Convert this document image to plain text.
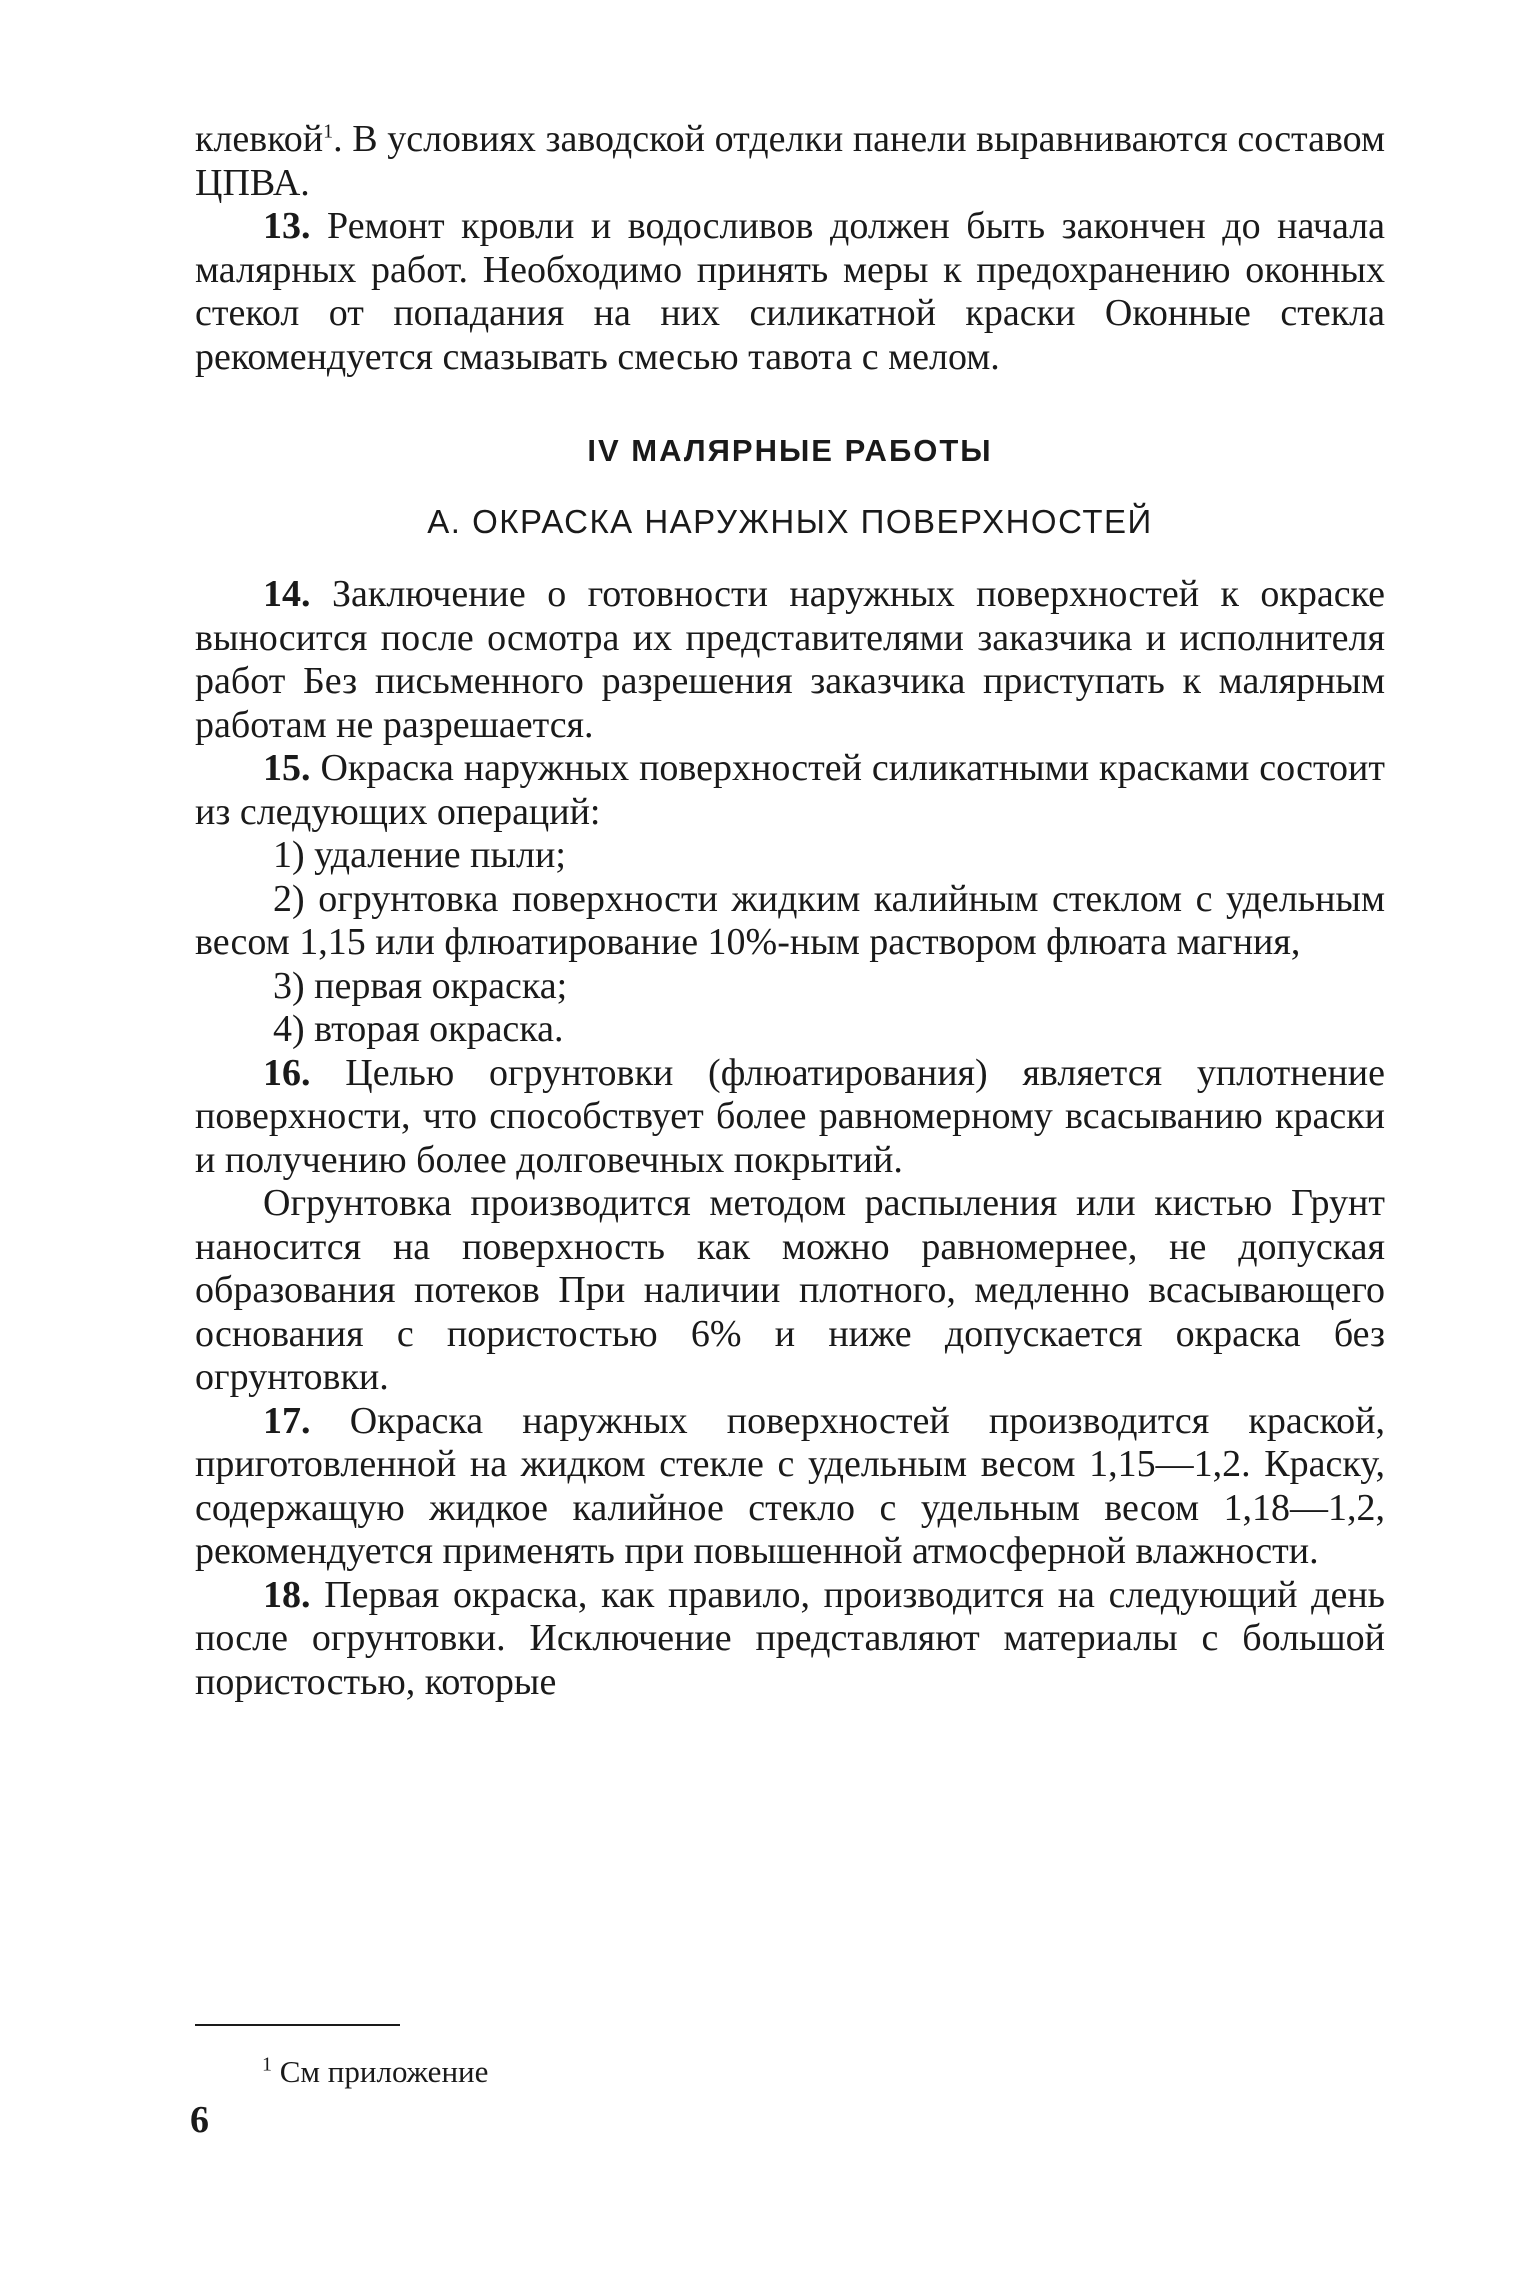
клевкой$^1$. В условиях заводской отделки панели выравниваются составом ЦПВА.

13. Ремонт кровли и водосливов должен быть закончен до начала малярных работ. Необходимо принять меры к предохранению оконных стекол от попадания на них силикатной краски Оконные стекла рекомендуется смазывать смесью тавота с мелом.

IV МАЛЯРНЫЕ РАБОТЫ
А. ОКРАСКА НАРУЖНЫХ ПОВЕРХНОСТЕЙ

14. Заключение о готовности наружных поверхностей к окраске выносится после осмотра их представителями заказчика и исполнителя работ Без письменного разрешения заказчика приступать к малярным работам не разрешается.

15. Окраска наружных поверхностей силикатными красками состоит из следующих операций:

1) удаление пыли;

2) огрунтовка поверхности жидким калийным стеклом с удельным весом 1,15 или флюатирование 10%-ным раствором флюата магния,

3) первая окраска;

4) вторая окраска.

16. Целью огрунтовки (флюатирования) является уплотнение поверхности, что способствует более равномерному всасыванию краски и получению более долговечных покрытий.

Огрунтовка производится методом распыления или кистью Грунт наносится на поверхность как можно равномернее, не допуская образования потеков При наличии плотного, медленно всасывающего основания с пористостью 6% и ниже допускается окраска без огрунтовки.

17. Окраска наружных поверхностей производится краской, приготовленной на жидком стекле с удельным весом 1,15—1,2. Краску, содержащую жидкое калийное стекло с удельным весом 1,18—1,2, рекомендуется применять при повышенной атмосферной влажности.

18. Первая окраска, как правило, производится на следующий день после огрунтовки. Исключение представляют материалы с большой пористостью, которые

$^1$ См приложение
6
